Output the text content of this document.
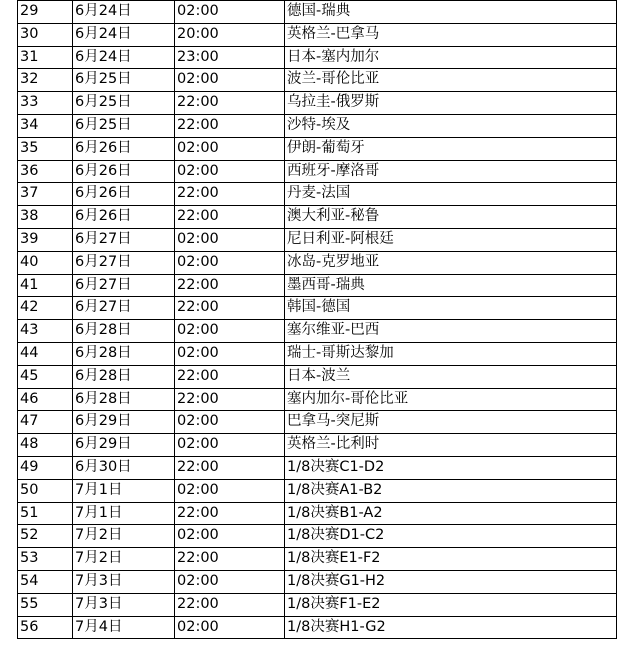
29	6月24日	02:00	德国-瑞典
30	6月24日	20:00	英格兰-巴拿马
31	6月24日	23:00	日本-塞内加尔
32	6月25日	02:00	波兰-哥伦比亚
33	6月25日	22:00	乌拉圭-俄罗斯
34	6月25日	22:00	沙特-埃及
35	6月26日	02:00	伊朗-葡萄牙
36	6月26日	02:00	西班牙-摩洛哥
37	6月26日	22:00	丹麦-法国
38	6月26日	22:00	澳大利亚-秘鲁
39	6月27日	02:00	尼日利亚-阿根廷
40	6月27日	02:00	冰岛-克罗地亚
41	6月27日	22:00	墨西哥-瑞典
42	6月27日	22:00	韩国-德国
43	6月28日	02:00	塞尔维亚-巴西
44	6月28日	02:00	瑞士-哥斯达黎加
45	6月28日	22:00	日本-波兰
46	6月28日	22:00	塞内加尔-哥伦比亚
47	6月29日	02:00	巴拿马-突尼斯
48	6月29日	02:00	英格兰-比利时
49	6月30日	22:00	1/8决赛C1-D2
50	7月1日	02:00	1/8决赛A1-B2
51	7月1日	22:00	1/8决赛B1-A2
52	7月2日	02:00	1/8决赛D1-C2
53	7月2日	22:00	1/8决赛E1-F2
54	7月3日	02:00	1/8决赛G1-H2
55	7月3日	22:00	1/8决赛F1-E2
56	7月4日	02:00	1/8决赛H1-G2
